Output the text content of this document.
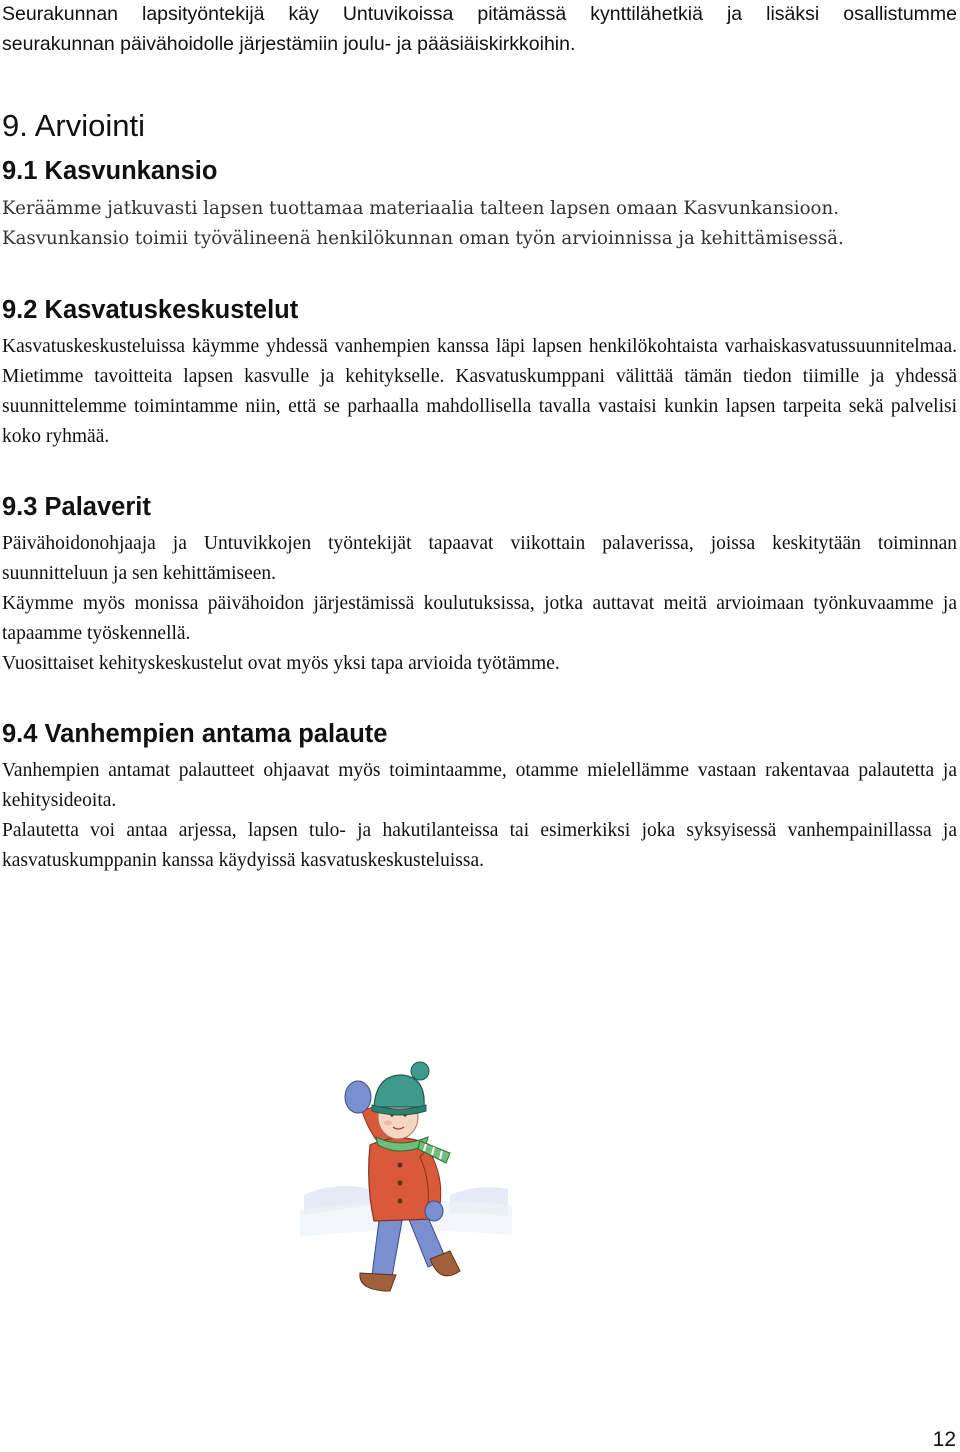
Seurakunnan lapsityöntekijä käy Untuvikoissa pitämässä kynttilähetkiä ja lisäksi osallistumme

seurakunnan päivähoidolle järjestämiin joulu- ja pääsiäiskirkkoihin.

9. Arviointi
9.1 Kasvunkansio

Keräämme jatkuvasti lapsen tuottamaa materiaalia talteen lapsen omaan Kasvunkansioon.

Kasvunkansio toimii työvälineenä henkilökunnan oman työn arvioinnissa ja kehittämisessä.

9.2 Kasvatuskeskustelut

Kasvatuskeskusteluissa käymme yhdessä vanhempien kanssa läpi lapsen henkilökohtaista varhaiskasvatussuunnitelmaa. Mietimme tavoitteita lapsen kasvulle ja kehitykselle. Kasvatuskumppani välittää tämän tiedon tiimille ja yhdessä suunnittelemme toimintamme niin, että se parhaalla mahdollisella tavalla vastaisi kunkin lapsen tarpeita sekä palvelisi koko ryhmää.

9.3 Palaverit

Päivähoidonohjaaja ja Untuvikkojen työntekijät tapaavat viikottain palaverissa, joissa keskitytään toiminnan suunnitteluun ja sen kehittämiseen.

Käymme myös monissa päivähoidon järjestämissä koulutuksissa, jotka auttavat meitä arvioimaan työnkuvaamme ja tapaamme työskennellä.

Vuosittaiset kehityskeskustelut ovat myös yksi tapa arvioida työtämme.

9.4 Vanhempien antama palaute

Vanhempien antamat palautteet ohjaavat myös toimintaamme, otamme mielellämme vastaan rakentavaa palautetta ja kehitysideoita.

Palautetta voi antaa arjessa, lapsen tulo- ja hakutilanteissa tai esimerkiksi joka syksyisessä vanhempainillassa ja kasvatuskumppanin kanssa käydyissä kasvatuskeskusteluissa.

12
